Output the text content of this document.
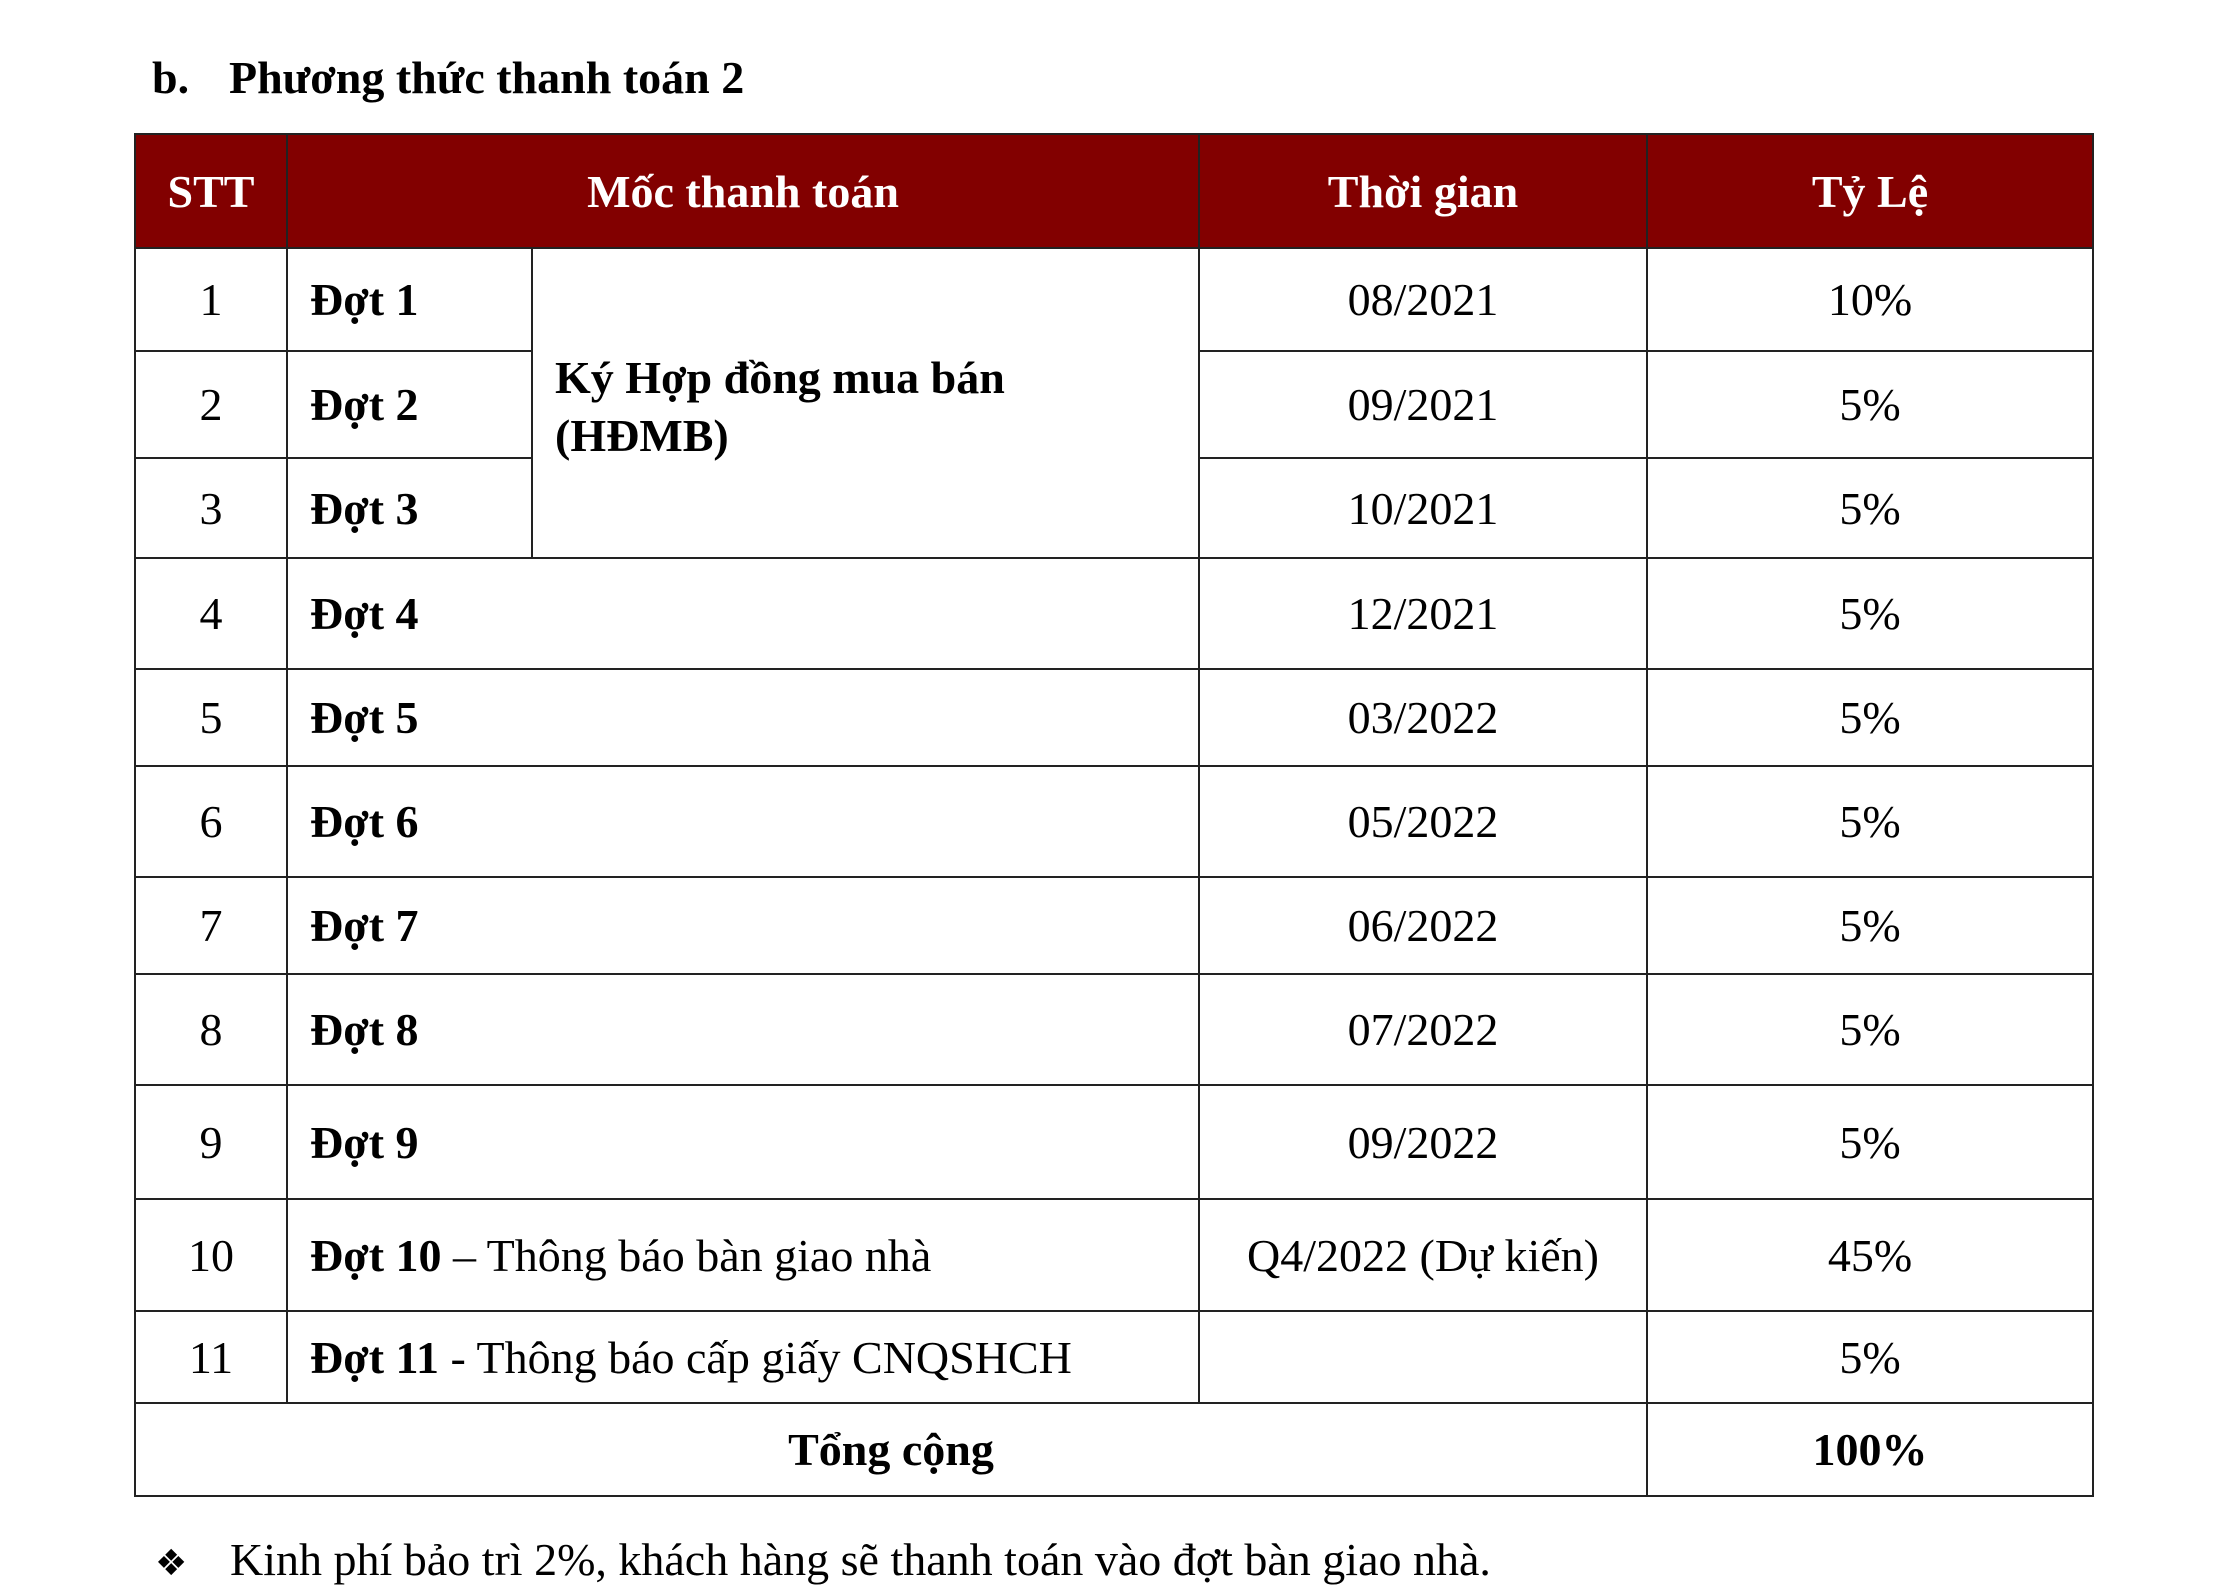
b. Phương thức thanh toán 2
STT	Mốc thanh toán		Thời gian	Tỷ Lệ
1	Đợt 1	Ký Hợp đồng mua bán (HĐMB)	08/2021	10%
2	Đợt 2		09/2021	5%
3	Đợt 3		10/2021	5%
4	Đợt 4		12/2021	5%
5	Đợt 5		03/2022	5%
6	Đợt 6		05/2022	5%
7	Đợt 7		06/2022	5%
8	Đợt 8		07/2022	5%
9	Đợt 9		09/2022	5%
10	Đợt 10 – Thông báo bàn giao nhà		Q4/2022 (Dự kiến)	45%
11	Đợt 11 - Thông báo cấp giấy CNQSHCH			5%
Tổng cộng				100%
❖ Kinh phí bảo trì 2%, khách hàng sẽ thanh toán vào đợt bàn giao nhà.
